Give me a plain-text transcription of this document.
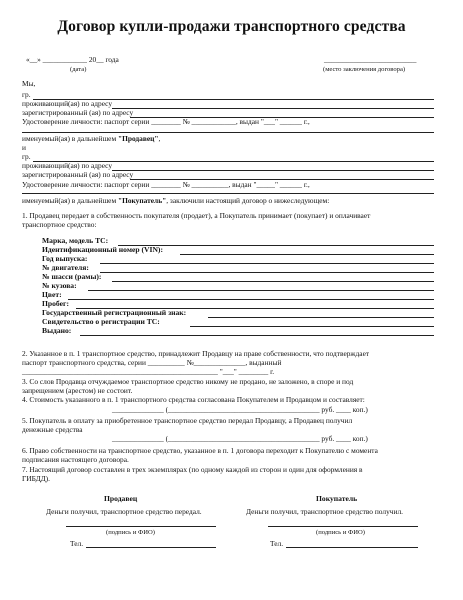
Договор купли-продажи транспортного средства
«__» ____________ 20__ года	_________________________
(дата)	(место заключения договора)
Мы,
гр.
проживающий(ая) по адресу
зарегистрированный (ая) по адресу
Удостоверение личности: паспорт серии ________ № ____________, выдан "___" ______ г.,
именуемый(ая) в дальнейшем "Продавец",
и
гр.
проживающий(ая) по адресу
зарегистрированный (ая) по адресу
Удостоверение личности: паспорт серии ________ № __________, выдан "_____" ______ г.,
именуемый(ая) в дальнейшем "Покупатель", заключили настоящий договор о нижеследующем:
1. Продавец передает в собственность покупателя (продает), а Покупатель принимает (покупает) и оплачивает
транспортное средство:
Марка, модель ТС:
Идентификационный номер (VIN):
Год выпуска:
№ двигателя:
№ шасси (рамы):
№ кузова:
Цвет:
Пробег:
Государственный регистрационный знак:
Свидетельство о регистрации ТС:
Выдано:
2. Указанное в п. 1 транспортное средство, принадлежит Продавцу на праве собственности, что подтверждает
паспорт транспортного средства, серии __________ №______________, выданный
_____________________________________________________ "___" ________ г.
3. Со слов Продавца отчуждаемое транспортное средство никому не продано, не заложено, в споре и под
запрещением (арестом) не состоит.
4. Стоимость указанного в п. 1 транспортного средства согласована Покупателем и Продавцом и составляет:
______________ (_________________________________________ руб. ____ коп.)
5. Покупатель в оплату за приобретенное транспортное средство передал Продавцу, а Продавец получил
денежные средства
______________ (_________________________________________ руб. ____ коп.)
6. Право собственности на транспортное средство, указанное в п. 1 договора переходит к Покупателю с момента
подписания настоящего договора.
7. Настоящий договор составлен в трех экземплярах (по одному каждой из сторон и один для оформления в
ГИБДД).
Продавец
Деньги получил, транспортное средство передал.
(подпись и ФИО)
Тел.
Покупатель
Деньги получил, транспортное средство получил.
(подпись и ФИО)
Тел.
